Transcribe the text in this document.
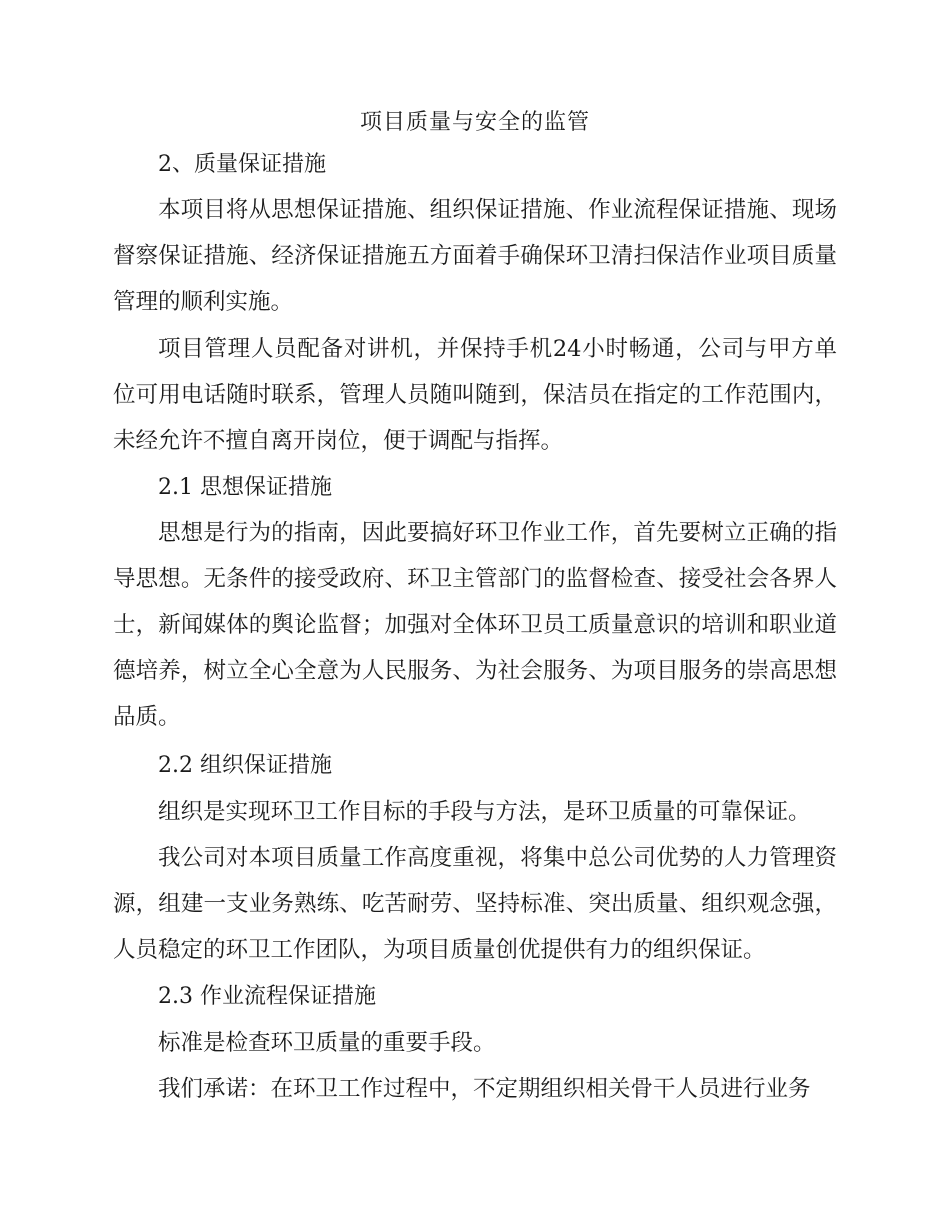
项目质量与安全的监管

2、质量保证措施

本项目将从思想保证措施、组织保证措施、作业流程保证措施、现场督察保证措施、经济保证措施五方面着手确保环卫清扫保洁作业项目质量管理的顺利实施。

项目管理人员配备对讲机，并保持手机24小时畅通，公司与甲方单位可用电话随时联系，管理人员随叫随到，保洁员在指定的工作范围内，未经允许不擅自离开岗位，便于调配与指挥。

2.1 思想保证措施

思想是行为的指南，因此要搞好环卫作业工作，首先要树立正确的指导思想。无条件的接受政府、环卫主管部门的监督检查、接受社会各界人士，新闻媒体的舆论监督；加强对全体环卫员工质量意识的培训和职业道德培养，树立全心全意为人民服务、为社会服务、为项目服务的崇高思想品质。

2.2 组织保证措施

组织是实现环卫工作目标的手段与方法，是环卫质量的可靠保证。

我公司对本项目质量工作高度重视，将集中总公司优势的人力管理资源，组建一支业务熟练、吃苦耐劳、坚持标准、突出质量、组织观念强，人员稳定的环卫工作团队，为项目质量创优提供有力的组织保证。

2.3 作业流程保证措施

标准是检查环卫质量的重要手段。

我们承诺：在环卫工作过程中，不定期组织相关骨干人员进行业务
